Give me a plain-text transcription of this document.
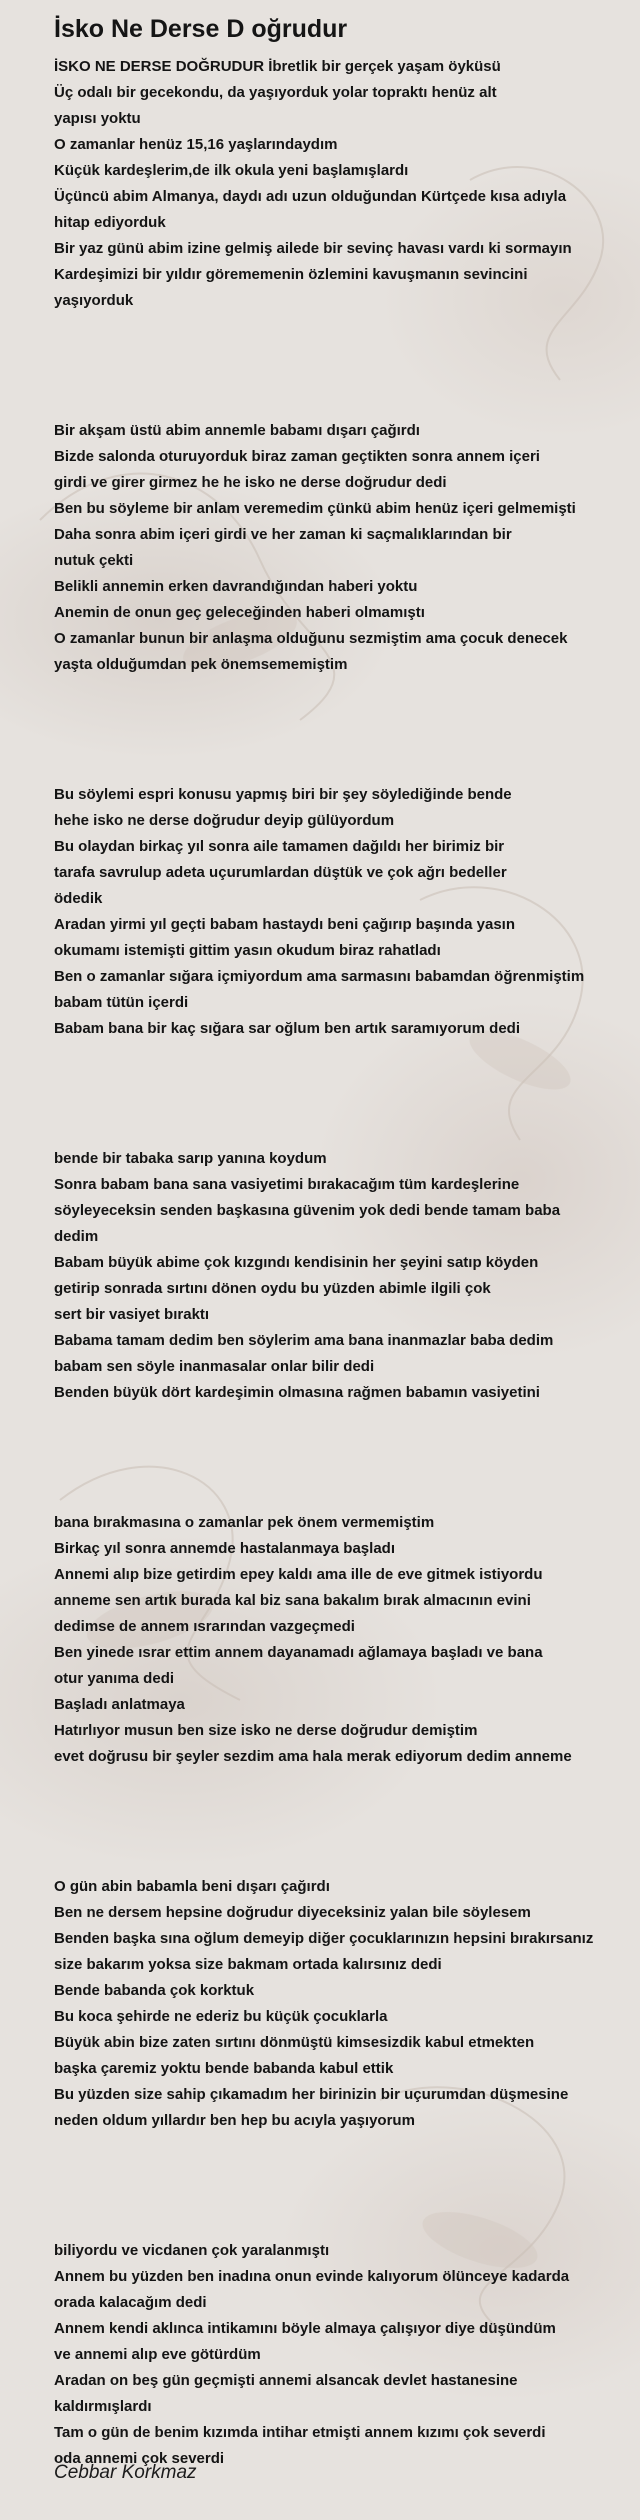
İsko Ne Derse D oğrudur
İSKO NE DERSE DOĞRUDUR İbretlik bir gerçek yaşam öyküsü
Üç odalı bir gecekondu, da yaşıyorduk yolar topraktı henüz alt
yapısı yoktu
O zamanlar henüz 15,16 yaşlarındaydım
Küçük kardeşlerim,de ilk okula yeni başlamışlardı
Üçüncü abim Almanya, daydı adı uzun olduğundan Kürtçede kısa adıyla
hitap ediyorduk
Bir yaz günü abim izine gelmiş ailede bir sevinç havası vardı ki sormayın
Kardeşimizi bir yıldır görememenin özlemini kavuşmanın sevincini
yaşıyorduk
Bir akşam üstü abim annemle babamı dışarı çağırdı
Bizde salonda oturuyorduk biraz zaman geçtikten sonra annem içeri
girdi ve girer girmez he he isko ne derse doğrudur dedi
Ben bu söyleme bir anlam veremedim çünkü abim henüz içeri gelmemişti
Daha sonra abim içeri girdi ve her zaman ki saçmalıklarından bir
nutuk çekti
Belikli annemin erken davrandığından haberi yoktu
Anemin de onun geç geleceğinden haberi olmamıştı
O zamanlar bunun bir anlaşma olduğunu sezmiştim ama çocuk denecek
yaşta olduğumdan pek önemsememiştim
Bu söylemi espri konusu yapmış biri bir şey söylediğinde bende
hehe isko ne derse doğrudur deyip gülüyordum
Bu olaydan birkaç yıl sonra aile tamamen dağıldı her birimiz bir
tarafa savrulup adeta uçurumlardan düştük ve çok ağrı bedeller
ödedik
Aradan yirmi yıl geçti babam hastaydı beni çağırıp başında yasın
okumamı istemişti gittim yasın okudum biraz rahatladı
Ben o zamanlar sığara içmiyordum ama sarmasını babamdan öğrenmiştim
babam tütün içerdi
Babam bana bir kaç sığara sar oğlum ben artık saramıyorum dedi
bende bir tabaka sarıp yanına koydum
Sonra babam bana sana vasiyetimi bırakacağım tüm kardeşlerine
söyleyeceksin senden başkasına güvenim yok dedi bende tamam baba
dedim
Babam büyük abime çok kızgındı kendisinin her şeyini satıp köyden
getirip sonrada sırtını dönen oydu bu yüzden abimle ilgili çok
sert bir vasiyet bıraktı
Babama tamam dedim ben söylerim ama bana inanmazlar baba dedim
babam sen söyle inanmasalar onlar bilir dedi
Benden büyük dört kardeşimin olmasına rağmen babamın vasiyetini
bana bırakmasına o zamanlar pek önem vermemiştim
Birkaç yıl sonra annemde hastalanmaya başladı
Annemi alıp bize getirdim epey kaldı ama ille de eve gitmek istiyordu
anneme sen artık burada kal biz sana bakalım bırak almacının evini
dedimse de annem ısrarından vazgeçmedi
Ben yinede ısrar ettim annem dayanamadı ağlamaya başladı ve bana
otur yanıma dedi
Başladı anlatmaya
Hatırlıyor musun ben size isko ne derse doğrudur demiştim
evet doğrusu bir şeyler sezdim ama hala merak ediyorum dedim anneme
O gün abin babamla beni dışarı çağırdı
Ben ne dersem hepsine doğrudur diyeceksiniz yalan bile söylesem
Benden başka sına oğlum demeyip diğer çocuklarınızın hepsini bırakırsanız
size bakarım yoksa size bakmam ortada kalırsınız dedi
Bende babanda çok korktuk
Bu koca şehirde ne ederiz bu küçük çocuklarla
Büyük abin bize zaten sırtını dönmüştü kimsesizdik kabul etmekten
başka çaremiz yoktu bende babanda kabul ettik
Bu yüzden size sahip çıkamadım her birinizin bir uçurumdan düşmesine
neden oldum yıllardır ben hep bu acıyla yaşıyorum
biliyordu ve vicdanen çok yaralanmıştı
Annem bu yüzden ben inadına onun evinde kalıyorum ölünceye kadarda
orada kalacağım dedi
Annem kendi aklınca intikamını böyle almaya çalışıyor diye düşündüm
ve annemi alıp eve götürdüm
Aradan on beş gün geçmişti annemi alsancak devlet hastanesine
kaldırmışlardı
Tam o gün de benim kızımda intihar etmişti annem kızımı çok severdi
oda annemi çok severdi
Cebbar Korkmaz
